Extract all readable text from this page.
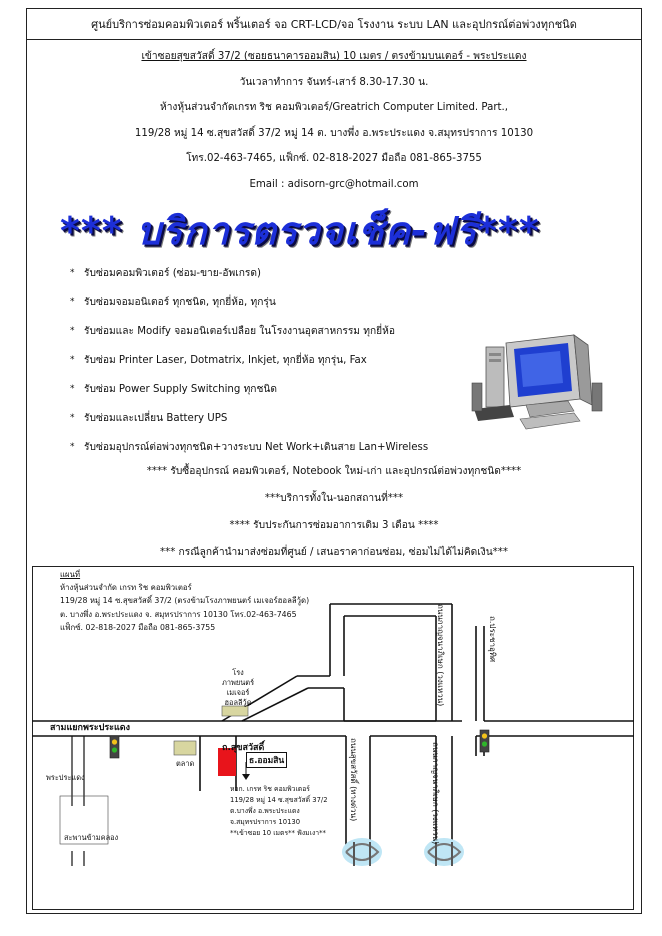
ศูนย์บริการซ่อมคอมพิวเตอร์ พริ้นเตอร์ จอ CRT-LCD/จอ โรงงาน ระบบ LAN และอุปกรณ์ต่อพ่วงทุกชนิด
เข้าซอยสุขสวัสดิ์ 37/2 (ซอยธนาคารออมสิน) 10 เมตร / ตรงข้ามบนเตอร์ - พระประแดง
วันเวลาทำการ จันทร์-เสาร์ 8.30-17.30 น.
ห้างหุ้นส่วนจำกัดเกรท ริช คอมพิวเตอร์/Greatrich Computer Limited. Part.,
119/28 หมู่ 14 ซ.สุขสวัสดิ์ 37/2 หมู่ 14 ต. บางพึ่ง อ.พระประแดง จ.สมุทรปราการ 10130
โทร.02-463-7465, แฟ็กซ์. 02-818-2027 มือถือ 081-865-3755
Email : adisorn-grc@hotmail.com
*** บริการตรวจเช็ค-ฟรี***
* รับซ่อมคอมพิวเตอร์ (ซ่อม-ขาย-อัพเกรด)
* รับซ่อมจอมอนิเตอร์ ทุกชนิด, ทุกยี่ห้อ, ทุกรุ่น
* รับซ่อมและ Modify จอมอนิเตอร์เปลือย ในโรงงานอุตสาหกรรม ทุกยี่ห้อ
* รับซ่อม Printer Laser, Dotmatrix, Inkjet, ทุกยี่ห้อ ทุกรุ่น, Fax
* รับซ่อม Power Supply Switching ทุกชนิด
* รับซ่อมและเปลี่ยน Battery UPS
* รับซ่อมอุปกรณ์ต่อพ่วงทุกชนิด+วางระบบ Net Work+เดินสาย Lan+Wireless
**** รับซื้ออุปกรณ์ คอมพิวเตอร์, Notebook ใหม่-เก่า และอุปกรณ์ต่อพ่วงทุกชนิด****
***บริการทั้งใน-นอกสถานที่***
**** รับประกันการซ่อมอาการเดิม 3 เดือน ****
*** กรณีลูกค้านำมาส่งซ่อมที่ศูนย์ / เสนอราคาก่อนซ่อม, ซ่อมไม่ได้ไม่คิดเงิน***
แผนที่
ห้างหุ้นส่วนจำกัด เกรท ริช คอมพิวเตอร์
119/28 หมู่ 14 ซ.สุขสวัสดิ์ 37/2 (ตรงข้ามโรงภาพยนตร์ เมเจอร์ฮอลลีวู้ด)
ต. บางพึ่ง อ.พระประแดง จ. สมุทรปราการ 10130 โทร.02-463-7465
แฟ็กซ์. 02-818-2027 มือถือ 081-865-3755
โรง
ภาพยนตร์
เมเจอร์
ฮอลลีวู้ด
สามแยกพระประแดง
ถ.สุขสวัสดิ์
ธ.ออมสิน
พระประแดง
ตลาด
สะพานข้ามคลอง
ถ.ประชาอุทิศ
ถนนกาญจนาภิเษก (วงแหวน)
ถนนกาญจนาภิเษก (วงแหวน)
ถนนสุขสวัสดิ์ (ทางด่วน)
หจก. เกรท ริช คอมพิวเตอร์
119/28 หมู่ 14 ซ.สุขสวัสดิ์ 37/2
ต.บางพึ่ง อ.พระประแดง
จ.สมุทรปราการ 10130
**เข้าซอย 10 เมตร** ฟังมเงา**
